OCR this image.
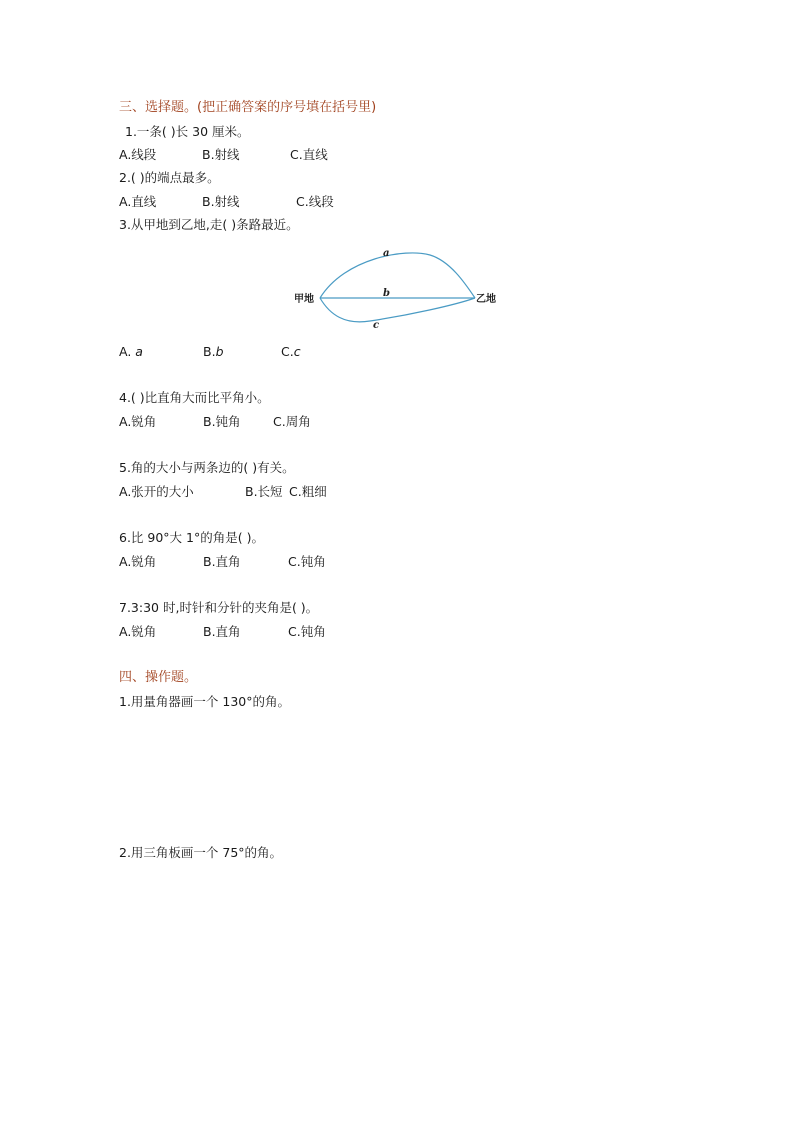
三、选择题。(把正确答案的序号填在括号里)
1.一条( )长 30 厘米。
A.线段	B.射线	C.直线
2.( )的端点最多。
A.直线	B.射线	C.线段
3.从甲地到乙地,走( )条路最近。
a
b
c
甲地	乙地
A. a	B.b	C.c
4.( )比直角大而比平角小。
A.锐角	B.钝角	C.周角
5.角的大小与两条边的( )有关。
A.张开的大小	B.长短 C.粗细
6.比 90°大 1°的角是( )。
A.锐角	B.直角	C.钝角
7.3:30 时,时针和分针的夹角是( )。
A.锐角	B.直角	C.钝角
四、操作题。
1.用量角器画一个 130°的角。
2.用三角板画一个 75°的角。
